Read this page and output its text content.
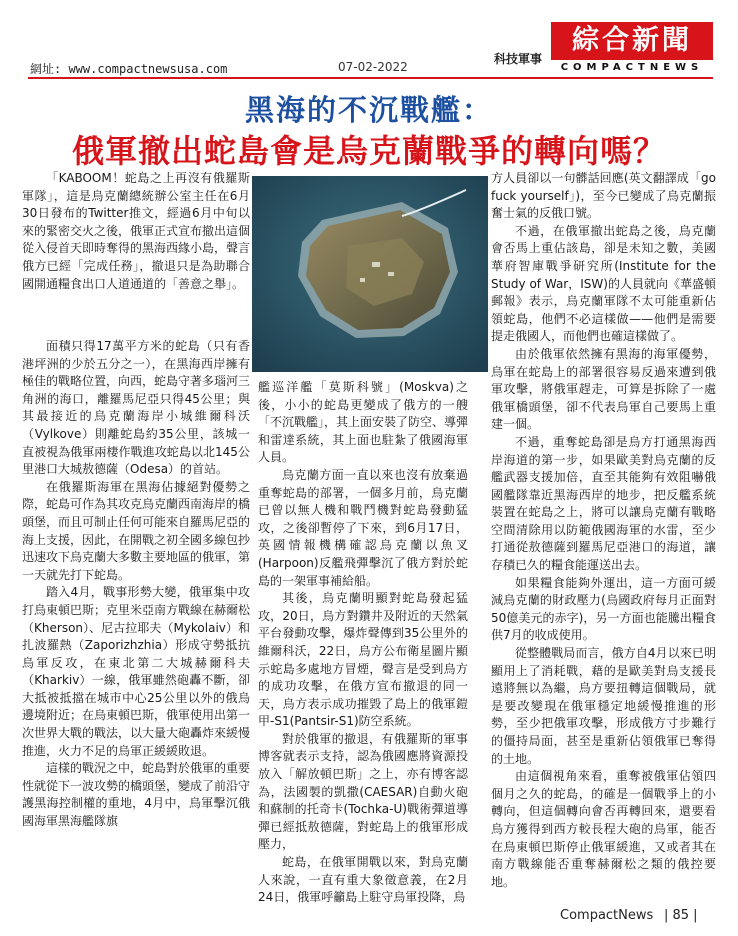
網址: www.compactnewsusa.com	07-02-2022
科技軍事
綜合新聞
COMPACTNEWS
黑海的不沉戰艦：
俄軍撤出蛇島會是烏克蘭戰爭的轉向嗎？

「KABOOM！蛇島之上再沒有俄羅斯軍隊」，這是烏克蘭總統辦公室主任在6月30日發布的Twitter推文，經過6月中旬以來的緊密交火之後，俄軍正式宣布撤出這個從入侵首天即時奪得的黑海西緣小島，聲言俄方已經「完成任務」，撤退只是為助聯合國開通糧食出口人道通道的「善意之舉」。

面積只得17萬平方米的蛇島（只有香港坪洲的少於五分之一），在黑海西岸擁有極佳的戰略位置，向西，蛇島守著多瑙河三角洲的海口，離羅馬尼亞只得45公里；與其最接近的烏克蘭海岸小城維爾科沃（Vylkove）則離蛇島約35公里，該城一直被視為俄軍兩棲作戰進攻蛇島以北145公里港口大城敖德薩（Odesa）的首站。

在俄羅斯海軍在黑海佔據絕對優勢之際，蛇島可作為其攻克烏克蘭西南海岸的橋頭堡，而且可制止任何可能來自羅馬尼亞的海上支援，因此，在開戰之初全國多線包抄迅速攻下烏克蘭大多數主要地區的俄軍，第一天就先打下蛇島。

踏入4月，戰事形勢大變，俄軍集中攻打烏東頓巴斯；克里米亞南方戰線在赫爾松（Kherson）、尼古拉耶夫（Mykolaiv）和扎波羅熱（Zaporizhzhia）形成守勢抵抗烏軍反攻，在東北第二大城赫爾科夫（Kharkiv）一線，俄軍雖然砲轟不斷，卻大抵被抵擋在城市中心25公里以外的俄烏邊境附近；在烏東頓巴斯，俄軍使用出第一次世界大戰的戰法，以大量大砲轟炸來緩慢推進，火力不足的烏軍正緩緩敗退。

這樣的戰況之中，蛇島對於俄軍的重要性就從下一波攻勢的橋頭堡，變成了前沿守護黑海控制權的重地，4月中，烏軍擊沉俄國海軍黑海艦隊旗

艦巡洋艦「莫斯科號」(Moskva)之後，小小的蛇島更變成了俄方的一艘「不沉戰艦」，其上面安裝了防空、導彈和雷達系統，其上面也駐紮了俄國海軍人員。

烏克蘭方面一直以來也沒有放棄過重奪蛇島的部署，一個多月前，烏克蘭已曾以無人機和戰鬥機對蛇島發動猛攻，之後卻暫停了下來，到6月17日，英國情報機構確認烏克蘭以魚叉(Harpoon)反艦飛彈擊沉了俄方對於蛇島的一架軍事補給船。

其後，烏克蘭明顯對蛇島發起猛攻，20日，烏方對鑽井及附近的天然氣平台發動攻擊，爆炸聲傳到35公里外的維爾科沃，22日，烏方公布衛星圖片顯示蛇島多處地方冒煙，聲言是受到烏方的成功攻擊，在俄方宣布撤退的同一天，烏方表示成功摧毀了島上的俄軍鎧甲-S1(Pantsir-S1)防空系統。

對於俄軍的撤退，有俄羅斯的軍事博客就表示支持，認為俄國應將資源投放入「解放頓巴斯」之上，亦有博客認為，法國製的凱撒(CAESAR)自動火砲和蘇制的托奇卡(Tochka-U)戰術彈道導彈已經抵敖德薩，對蛇島上的俄軍形成壓力，

蛇島，在俄軍開戰以來，對烏克蘭人來說，一直有重大象徵意義，在2月24日，俄軍呼籲島上駐守烏軍投降，烏

方人員卻以一句髒話回應(英文翻譯成「go fuck yourself」)，至今已變成了烏克蘭振奮士氣的反俄口號。

不過，在俄軍撤出蛇島之後，烏克蘭會否馬上重佔該島，卻是未知之數，美國華府智庫戰爭研究所(Institute for the Study of War，ISW)的人員就向《華盛頓郵報》表示，烏克蘭軍隊不太可能重新佔領蛇島，他們不必這樣做——他們是需要提走俄國人，而他們也確這樣做了。

由於俄軍依然擁有黑海的海軍優勢，烏軍在蛇島上的部署很容易反過來遭到俄軍攻擊，將俄軍趕走，可算是拆除了一處俄軍橋頭堡，卻不代表烏軍自己要馬上重建一個。

不過，重奪蛇島卻是烏方打通黑海西岸海道的第一步，如果歐美對烏克蘭的反艦武器支援加倍，直至其能夠有效阻嚇俄國艦隊靠近黑海西岸的地步，把反艦系統裝置在蛇島之上，將可以讓烏克蘭有戰略空間清除用以防範俄國海軍的水雷，至少打通從敖德薩到羅馬尼亞港口的海道，讓存積已久的糧食能運送出去。

如果糧食能夠外運出，這一方面可緩減烏克蘭的財政壓力(烏國政府每月正面對50億美元的赤字)，另一方面也能騰出糧食供7月的收成使用。

從整體戰局而言，俄方自4月以來已明顯用上了消耗戰，藉的是歐美對烏支援長遠將無以為繼，烏方要扭轉這個戰局，就是要改變現在俄軍穩定地緩慢推進的形勢，至少把俄軍攻擊，形成俄方寸步難行的僵持局面，甚至是重新佔領俄軍已奪得的土地。

由這個視角來看，重奪被俄軍佔領四個月之久的蛇島，的確是一個戰爭上的小轉向，但這個轉向會否再轉回來，還要看烏方獲得到西方較長程大砲的烏軍，能否在烏東頓巴斯停止俄軍緩進，又或者其在南方戰線能否重奪赫爾松之類的俄控要地。

CompactNews | 85 |
